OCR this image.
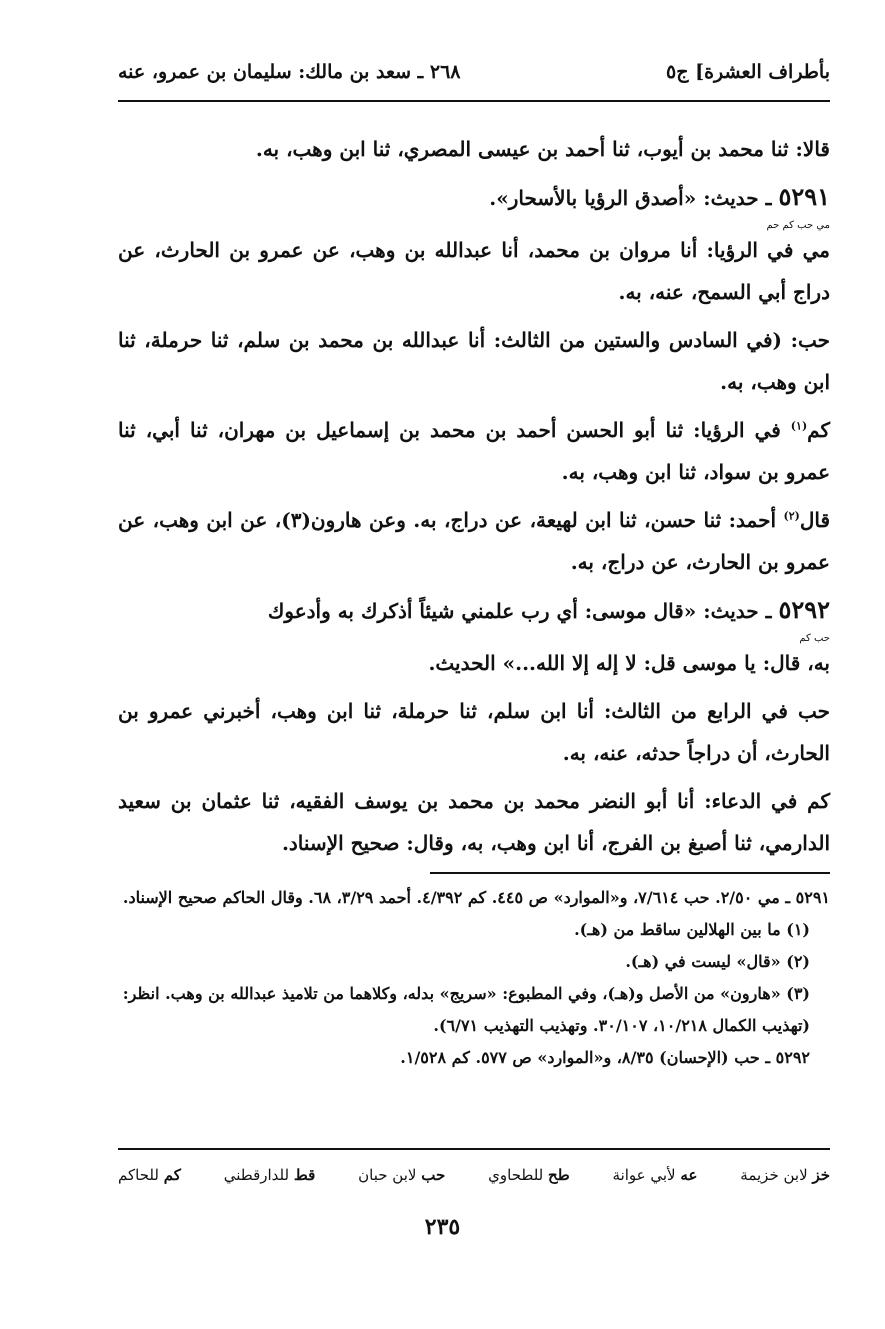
بأطراف العشرة] ج٥
٢٦٨ ـ سعد بن مالك: سليمان بن عمرو، عنه

قالا: ثنا محمد بن أيوب، ثنا أحمد بن عيسى المصري، ثنا ابن وهب، به.

٥٢٩١ ـ حديث: «أصدق الرؤيا بالأسحار».

مي حب كم حم
مي في الرؤيا: أنا مروان بن محمد، أنا عبدالله بن وهب، عن عمرو بن الحارث، عن دراج أبي السمح، عنه، به.

حب: (في السادس والستين من الثالث: أنا عبدالله بن محمد بن سلم، ثنا حرملة، ثنا ابن وهب، به.

كم$^{(١)}$ في الرؤيا: ثنا أبو الحسن أحمد بن محمد بن إسماعيل بن مهران، ثنا أبي، ثنا عمرو بن سواد، ثنا ابن وهب، به.

قال$^{(٢)}$ أحمد: ثنا حسن، ثنا ابن لهيعة، عن دراج، به. وعن هارون(٣)، عن ابن وهب، عن عمرو بن الحارث، عن دراج، به.

٥٢٩٢ ـ حديث: «قال موسى: أي رب علمني شيئاً أذكرك به وأدعوك

حب كم
به، قال: يا موسى قل: لا إله إلا الله...» الحديث.

حب في الرابع من الثالث: أنا ابن سلم، ثنا حرملة، ثنا ابن وهب، أخبرني عمرو بن الحارث، أن دراجاً حدثه، عنه، به.

كم في الدعاء: أنا أبو النضر محمد بن محمد بن يوسف الفقيه، ثنا عثمان بن سعيد الدارمي، ثنا أصبغ بن الفرج، أنا ابن وهب، به، وقال: صحيح الإسناد.

٥٢٩١ ـ مي ٢/٥٠. حب ٧/٦١٤، و«الموارد» ص ٤٤٥. كم ٤/٣٩٢. أحمد ٣/٢٩، ٦٨. وقال الحاكم صحيح الإسناد.

(١) ما بين الهلالين ساقط من (هـ).

(٢) «قال» ليست في (هـ).

(٣) «هارون» من الأصل و(هـ)، وفي المطبوع: «سريج» بدله، وكلاهما من تلاميذ عبدالله بن وهب. انظر: (تهذيب الكمال ١٠/٢١٨، ٣٠/١٠٧. وتهذيب التهذيب ٦/٧١).

٥٢٩٢ ـ حب (الإحسان) ٨/٣٥، و«الموارد» ص ٥٧٧. كم ١/٥٢٨.

خز لابن خزيمة
عه لأبي عوانة
طح للطحاوي
حب لابن حبان
قط للدارقطني
كم للحاكم
٢٣٥
